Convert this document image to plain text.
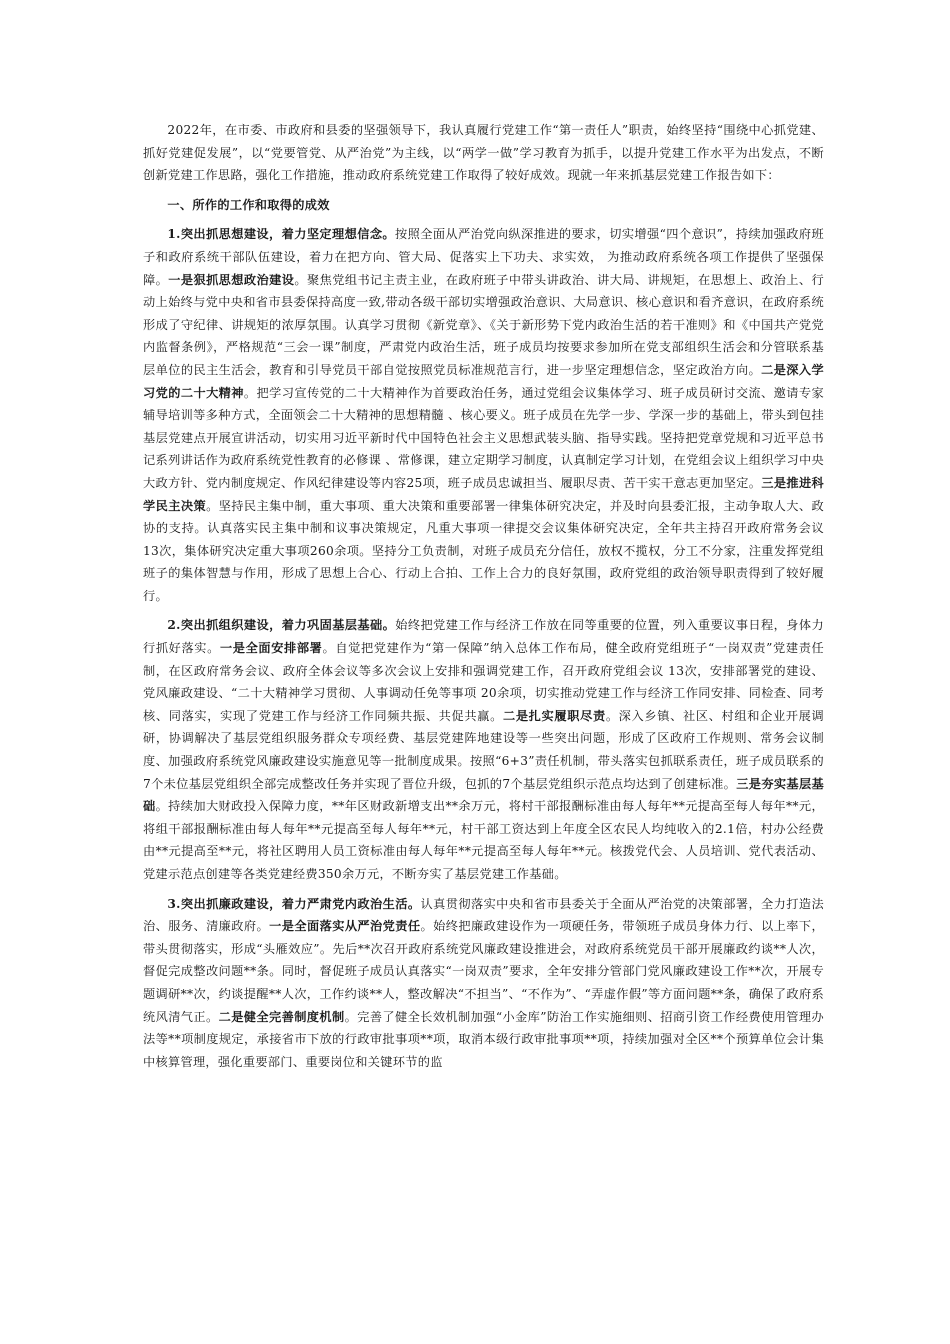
2022年，在市委、市政府和县委的坚强领导下，我认真履行党建工作“第一责任人”职责，始终坚持“围绕中心抓党建、抓好党建促发展”，以“党要管党、从严治党”为主线，以“两学一做”学习教育为抓手，以提升党建工作水平为出发点，不断创新党建工作思路，强化工作措施，推动政府系统党建工作取得了较好成效。现就一年来抓基层党建工作报告如下：

一、所作的工作和取得的成效

1.突出抓思想建设，着力坚定理想信念。按照全面从严治党向纵深推进的要求，切实增强“四个意识”，持续加强政府班子和政府系统干部队伍建设，着力在把方向、管大局、促落实上下功夫、求实效， 为推动政府系统各项工作提供了坚强保障。一是狠抓思想政治建设。聚焦党组书记主责主业，在政府班子中带头讲政治、讲大局、讲规矩，在思想上、政治上、行动上始终与党中央和省市县委保持高度一致,带动各级干部切实增强政治意识、大局意识、核心意识和看齐意识，在政府系统形成了守纪律、讲规矩的浓厚氛围。认真学习贯彻《新党章》、《关于新形势下党内政治生活的若干准则》和《中国共产党党内监督条例》，严格规范“三会一课”制度，严肃党内政治生活，班子成员均按要求参加所在党支部组织生活会和分管联系基层单位的民主生活会，教育和引导党员干部自觉按照党员标准规范言行，进一步坚定理想信念，坚定政治方向。二是深入学习党的二十大精神。把学习宣传党的二十大精神作为首要政治任务，通过党组会议集体学习、班子成员研讨交流、邀请专家辅导培训等多种方式，全面领会二十大精神的思想精髓 、核心要义。班子成员在先学一步、学深一步的基础上，带头到包挂基层党建点开展宣讲活动，切实用习近平新时代中国特色社会主义思想武装头脑、指导实践。坚持把党章党规和习近平总书记系列讲话作为政府系统党性教育的必修课 、常修课，建立定期学习制度，认真制定学习计划，在党组会议上组织学习中央大政方针、党内制度规定、作风纪律建设等内容25项，班子成员忠诚担当、履职尽责、苦干实干意志更加坚定。三是推进科学民主决策。坚持民主集中制，重大事项、重大决策和重要部署一律集体研究决定，并及时向县委汇报，主动争取人大、政协的支持。认真落实民主集中制和议事决策规定，凡重大事项一律提交会议集体研究决定，全年共主持召开政府常务会议 13次，集体研究决定重大事项260余项。坚持分工负责制，对班子成员充分信任，放权不揽权，分工不分家，注重发挥党组班子的集体智慧与作用，形成了思想上合心、行动上合拍、工作上合力的良好氛围，政府党组的政治领导职责得到了较好履行。

2.突出抓组织建设，着力巩固基层基础。始终把党建工作与经济工作放在同等重要的位置，列入重要议事日程，身体力行抓好落实。一是全面安排部署。自觉把党建作为“第一保障”纳入总体工作布局，健全政府党组班子“一岗双责”党建责任制，在区政府常务会议、政府全体会议等多次会议上安排和强调党建工作，召开政府党组会议 13次，安排部署党的建设、党风廉政建设、“二十大精神学习贯彻、人事调动任免等事项 20余项，切实推动党建工作与经济工作同安排、同检查、同考核、同落实，实现了党建工作与经济工作同频共振、共促共赢。二是扎实履职尽责。深入乡镇、社区、村组和企业开展调研，协调解决了基层党组织服务群众专项经费、基层党建阵地建设等一些突出问题，形成了区政府工作规则、常务会议制度、加强政府系统党风廉政建设实施意见等一批制度成果。按照“6+3”责任机制，带头落实包抓联系责任，班子成员联系的7个未位基层党组织全部完成整改任务并实现了晋位升级，包抓的7个基层党组织示范点均达到了创建标准。三是夯实基层基础。持续加大财政投入保障力度，**年区财政新增支出**余万元，将村干部报酬标准由每人每年**元提高至每人每年**元，将组干部报酬标准由每人每年**元提高至每人每年**元，村干部工资达到上年度全区农民人均纯收入的2.1倍，村办公经费由**元提高至**元，将社区聘用人员工资标准由每人每年**元提高至每人每年**元。核拨党代会、人员培训、党代表活动、党建示范点创建等各类党建经费350余万元，不断夯实了基层党建工作基础。

3.突出抓廉政建设，着力严肃党内政治生活。认真贯彻落实中央和省市县委关于全面从严治党的决策部署，全力打造法治、服务、清廉政府。一是全面落实从严治党责任。始终把廉政建设作为一项硬任务，带领班子成员身体力行、以上率下，带头贯彻落实，形成“头雁效应”。先后**次召开政府系统党风廉政建设推进会，对政府系统党员干部开展廉政约谈**人次，督促完成整改问题**条。同时，督促班子成员认真落实“一岗双责”要求，全年安排分管部门党风廉政建设工作**次，开展专题调研**次，约谈提醒**人次，工作约谈**人，整改解决“不担当”、“不作为”、“弄虚作假”等方面问题**条，确保了政府系统风清气正。二是健全完善制度机制。完善了健全长效机制加强“小金库”防治工作实施细则、招商引资工作经费使用管理办法等**项制度规定，承接省市下放的行政审批事项**项，取消本级行政审批事项**项，持续加强对全区**个预算单位会计集中核算管理，强化重要部门、重要岗位和关键环节的监
